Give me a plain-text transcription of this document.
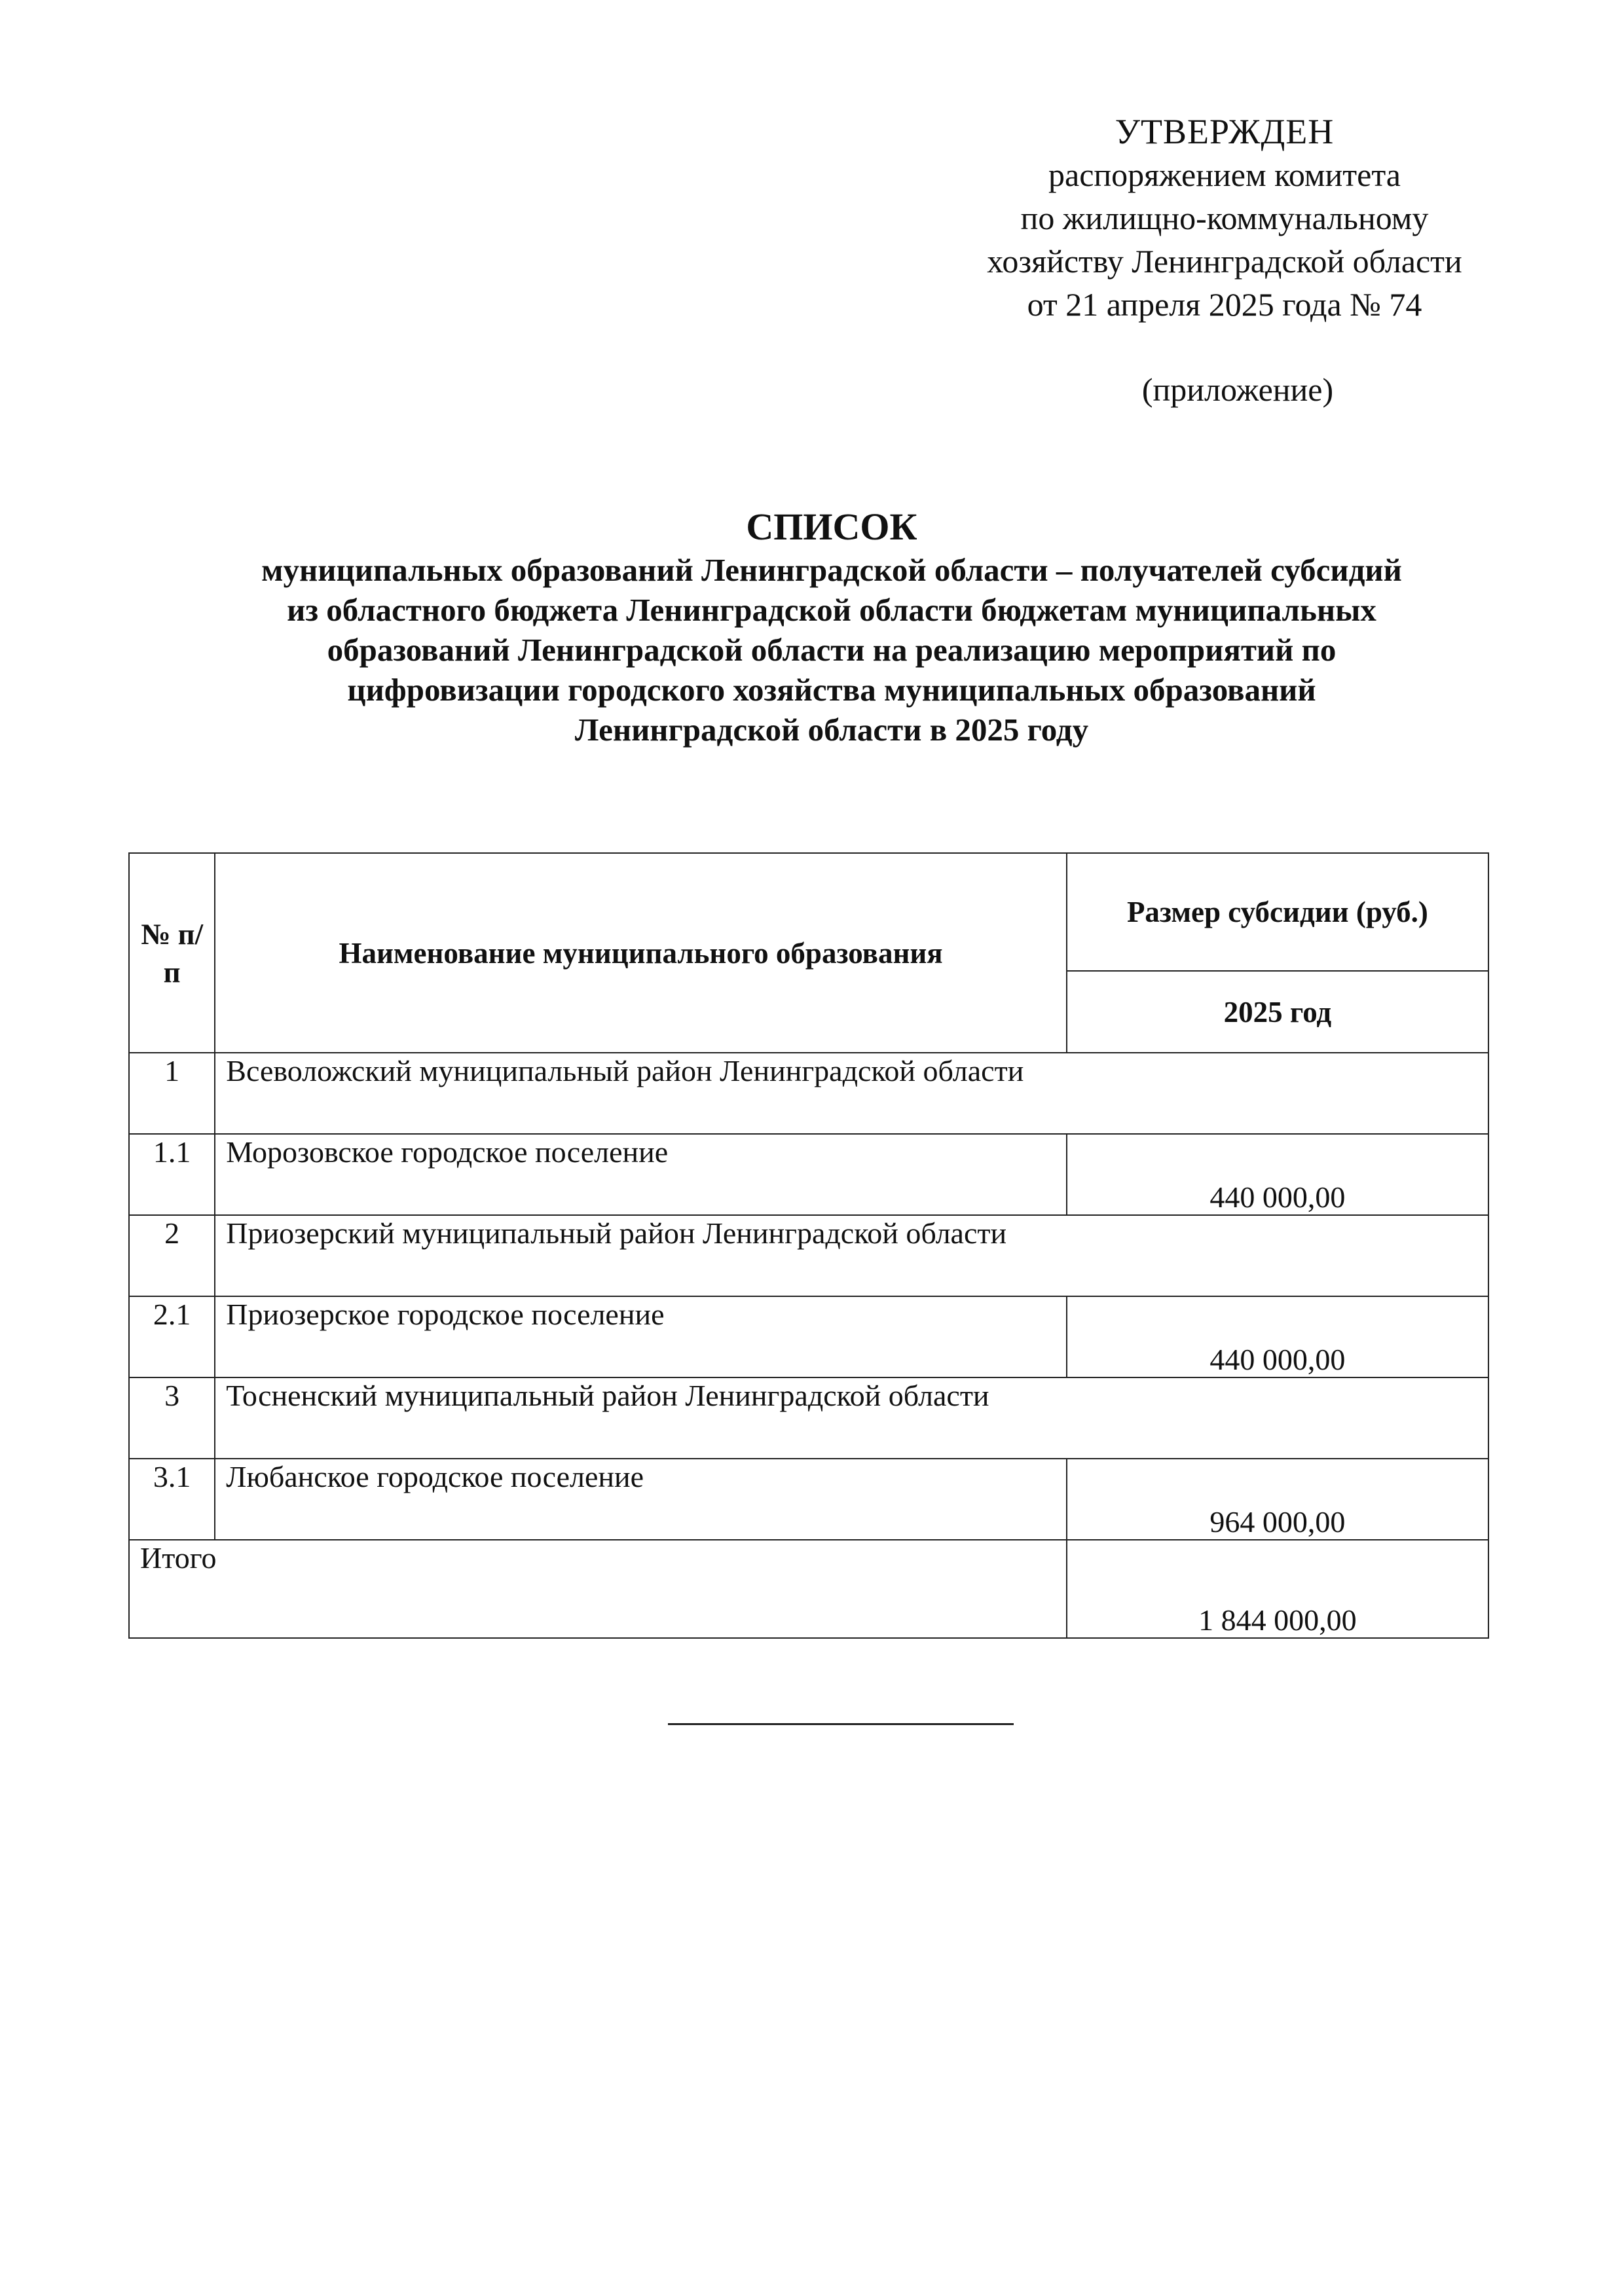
УТВЕРЖДЕН
распоряжением комитета
по жилищно-коммунальному
хозяйству Ленинградской области
от 21 апреля 2025 года № 74
(приложение)
СПИСОК
муниципальных образований Ленинградской области – получателей субсидий
из областного бюджета Ленинградской области бюджетам муниципальных
образований Ленинградской области на реализацию мероприятий по
цифровизации городского хозяйства муниципальных образований
Ленинградской области в 2025 году
№ п/п	Наименование муниципального образования	Размер субсидии (руб.)
		2025 год
1	Всеволожский муниципальный район Ленинградской области	
1.1	Морозовское городское поселение	440 000,00
2	Приозерский муниципальный район Ленинградской области	
2.1	Приозерское городское поселение	440 000,00
3	Тосненский муниципальный район Ленинградской области	
3.1	Любанское городское поселение	964 000,00
Итого		1 844 000,00
